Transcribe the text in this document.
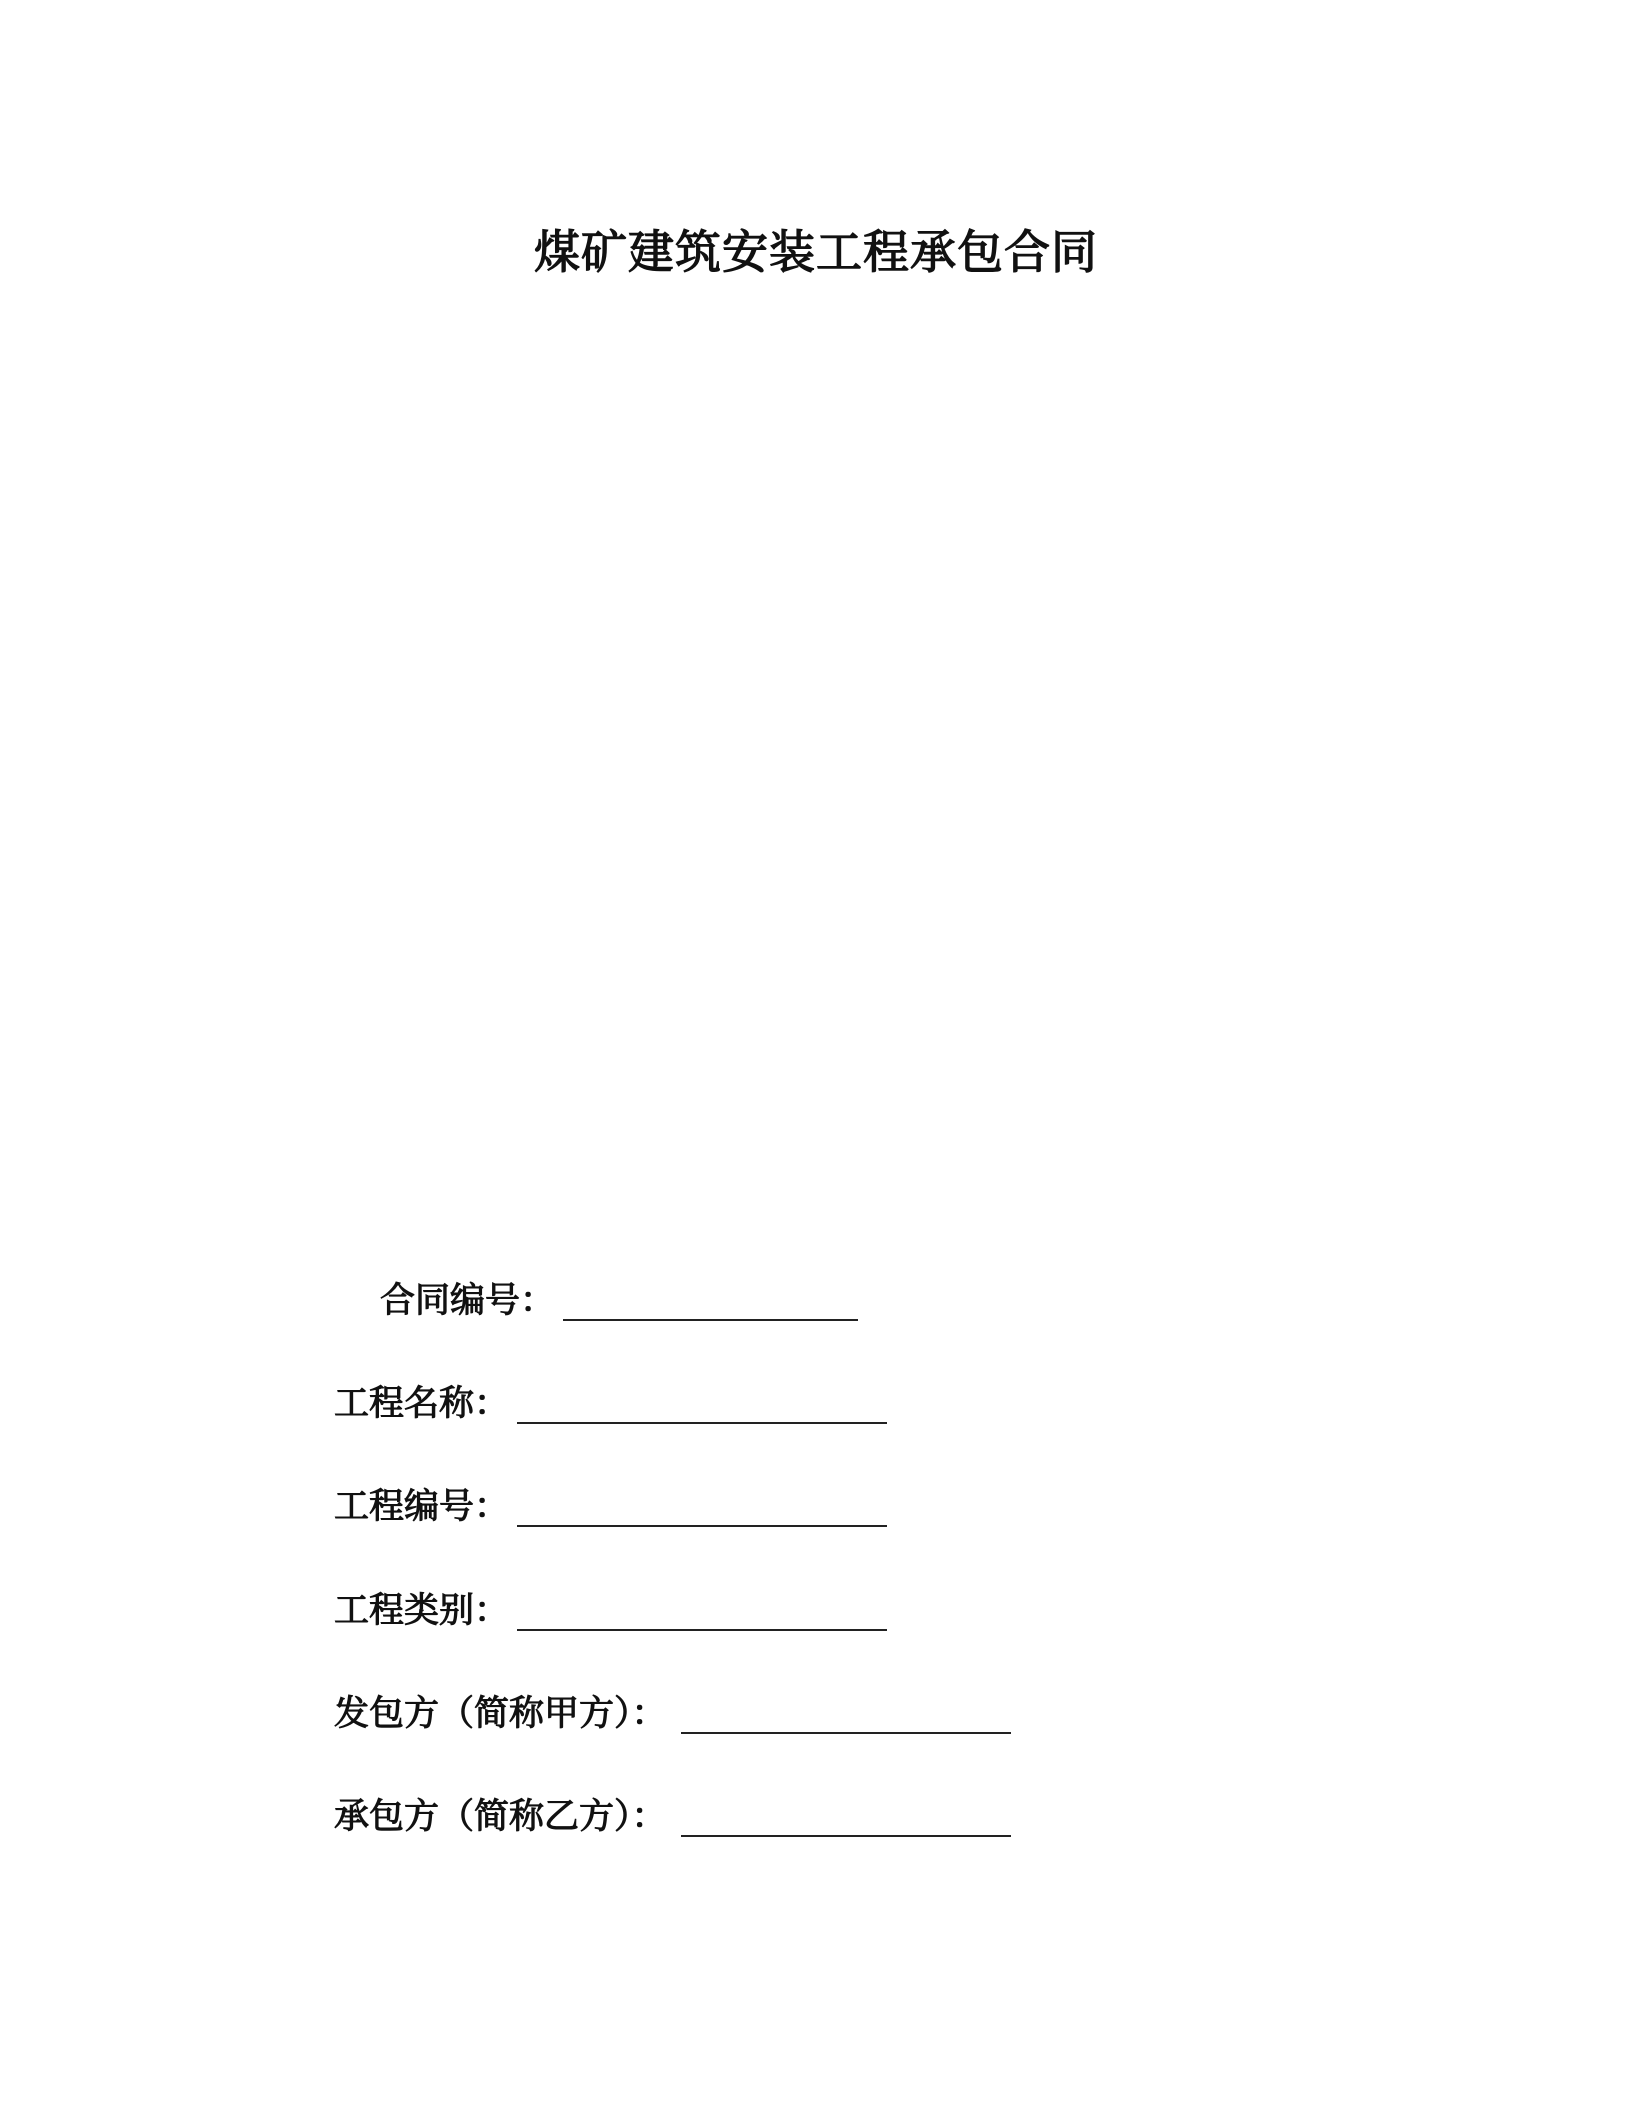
煤矿建筑安装工程承包合同
合同编号：
工程名称：
工程编号：
工程类别：
发包方（简称甲方）：
承包方（简称乙方）：
